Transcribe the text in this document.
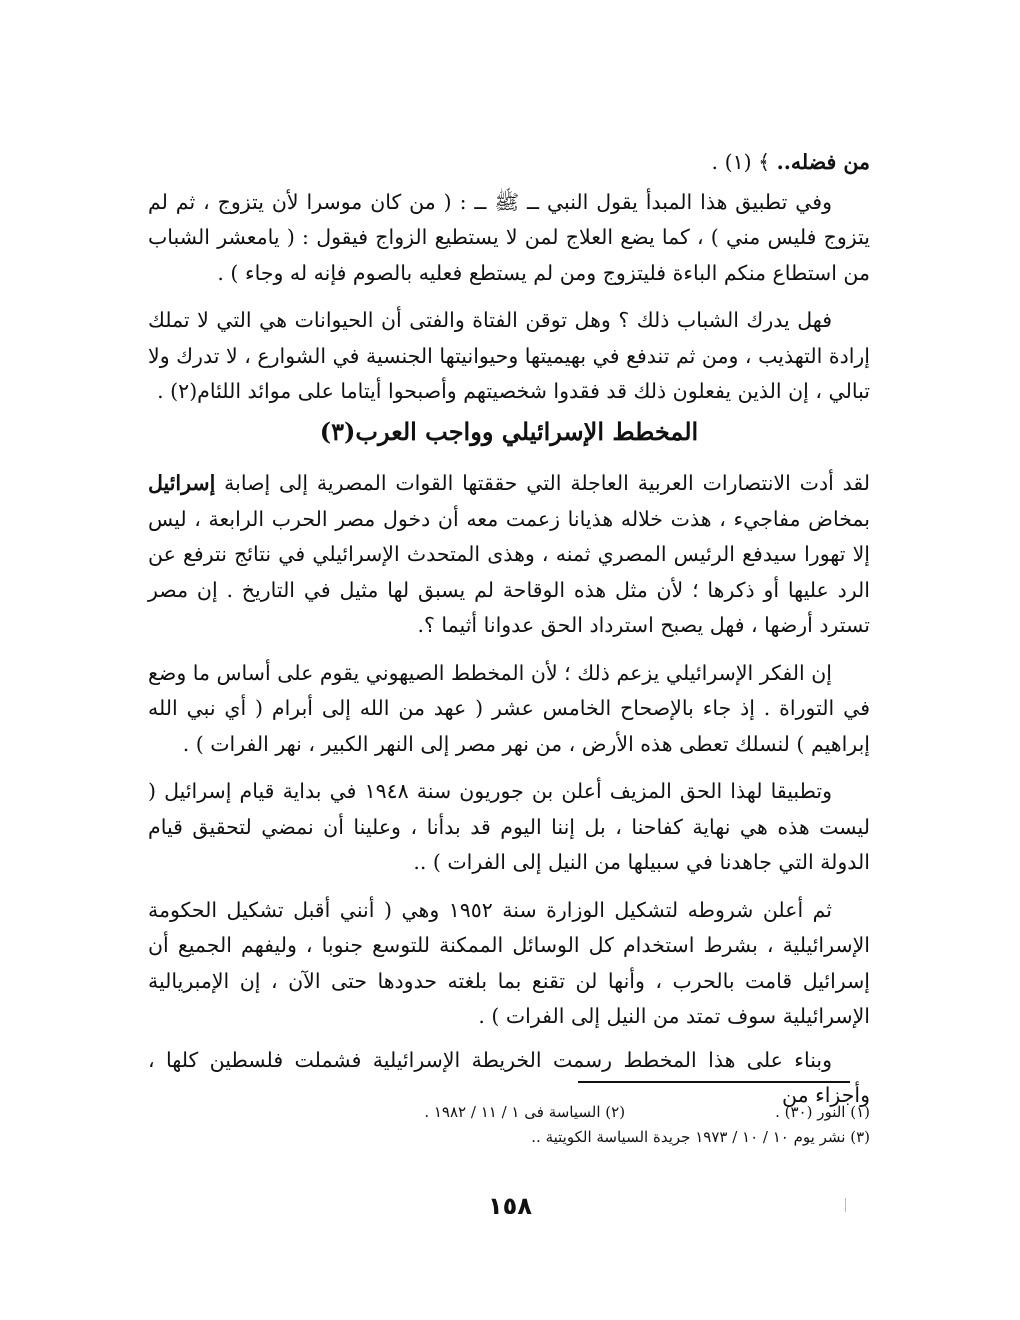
من فضله.. ﴾ (١) .

وفي تطبيق هذا المبدأ يقول النبي ــ ﷺ ــ : ( من كان موسرا لأن يتزوج ، ثم لم يتزوج فليس مني ) ، كما يضع العلاج لمن لا يستطيع الزواج فيقول : ( يامعشر الشباب من استطاع منكم الباءة فليتزوج ومن لم يستطع فعليه بالصوم فإنه له وجاء ) .

فهل يدرك الشباب ذلك ؟ وهل توقن الفتاة والفتى أن الحيوانات هي التي لا تملك إرادة التهذيب ، ومن ثم تندفع في بهيميتها وحيوانيتها الجنسية في الشوارع ، لا تدرك ولا تبالي ، إن الذين يفعلون ذلك قد فقدوا شخصيتهم وأصبحوا أيتاما على موائد اللئام(٢) .

المخطط الإسرائيلي وواجب العرب(٣)

لقد أدت الانتصارات العربية العاجلة التي حققتها القوات المصرية إلى إصابة إسرائيل بمخاض مفاجيء ، هذت خلاله هذيانا زعمت معه أن دخول مصر الحرب الرابعة ، ليس إلا تهورا سيدفع الرئيس المصري ثمنه ، وهذى المتحدث الإسرائيلي في نتائج نترفع عن الرد عليها أو ذكرها ؛ لأن مثل هذه الوقاحة لم يسبق لها مثيل في التاريخ . إن مصر تسترد أرضها ، فهل يصبح استرداد الحق عدوانا أثيما ؟.

إن الفكر الإسرائيلي يزعم ذلك ؛ لأن المخطط الصيهوني يقوم على أساس ما وضع في التوراة . إذ جاء بالإصحاح الخامس عشر ( عهد من الله إلى أبرام ( أي نبي الله إبراهيم ) لنسلك تعطى هذه الأرض ، من نهر مصر إلى النهر الكبير ، نهر الفرات ) .

وتطبيقا لهذا الحق المزيف أعلن بن جوريون سنة ١٩٤٨ في بداية قيام إسرائيل ( ليست هذه هي نهاية كفاحنا ، بل إننا اليوم قد بدأنا ، وعلينا أن نمضي لتحقيق قيام الدولة التي جاهدنا في سبيلها من النيل إلى الفرات ) ..

ثم أعلن شروطه لتشكيل الوزارة سنة ١٩٥٢ وهي ( أنني أقبل تشكيل الحكومة الإسرائيلية ، بشرط استخدام كل الوسائل الممكنة للتوسع جنوبا ، وليفهم الجميع أن إسرائيل قامت بالحرب ، وأنها لن تقنع بما بلغته حدودها حتى الآن ، إن الإمبريالية الإسرائيلية سوف تمتد من النيل إلى الفرات ) .

وبناء على هذا المخطط رسمت الخريطة الإسرائيلية فشملت فلسطين كلها ، وأجزاء من

(١) النور (٣٠) .(٢) السياسة فى ١ / ١١ / ١٩٨٢ .
(٣) نشر يوم ١٠ / ١٠ / ١٩٧٣ جريدة السياسة الكويتية ..
١٥٨
